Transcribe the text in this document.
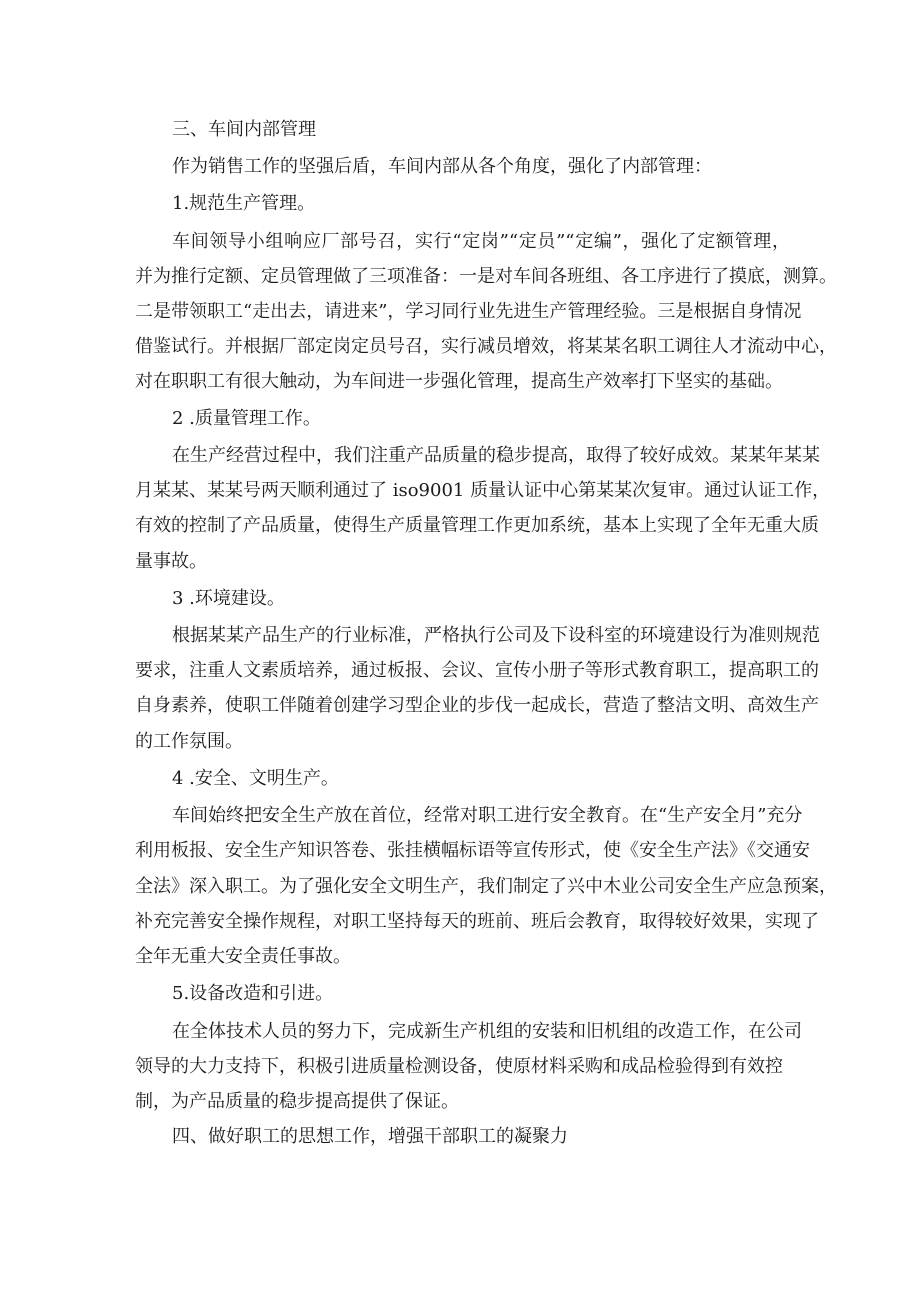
三、车间内部管理

作为销售工作的坚强后盾，车间内部从各个角度，强化了内部管理：

1.规范生产管理。

车间领导小组响应厂部号召，实行“定岗”“定员”“定编”，强化了定额管理，

并为推行定额、定员管理做了三项准备：一是对车间各班组、各工序进行了摸底，测算。

二是带领职工“走出去，请进来”，学习同行业先进生产管理经验。三是根据自身情况

借鉴试行。并根据厂部定岗定员号召，实行减员增效，将某某名职工调往人才流动中心，

对在职职工有很大触动，为车间进一步强化管理，提高生产效率打下坚实的基础。

2 .质量管理工作。

在生产经营过程中，我们注重产品质量的稳步提高，取得了较好成效。某某年某某

月某某、某某号两天顺利通过了 iso9001 质量认证中心第某某次复审。通过认证工作，

有效的控制了产品质量，使得生产质量管理工作更加系统，基本上实现了全年无重大质

量事故。

3 .环境建设。

根据某某产品生产的行业标准，严格执行公司及下设科室的环境建设行为准则规范

要求，注重人文素质培养，通过板报、会议、宣传小册子等形式教育职工，提高职工的

自身素养，使职工伴随着创建学习型企业的步伐一起成长，营造了整洁文明、高效生产

的工作氛围。

4 .安全、文明生产。

车间始终把安全生产放在首位，经常对职工进行安全教育。在“生产安全月”充分

利用板报、安全生产知识答卷、张挂横幅标语等宣传形式，使《安全生产法》《交通安

全法》深入职工。为了强化安全文明生产，我们制定了兴中木业公司安全生产应急预案，

补充完善安全操作规程，对职工坚持每天的班前、班后会教育，取得较好效果，实现了

全年无重大安全责任事故。

5.设备改造和引进。

在全体技术人员的努力下，完成新生产机组的安装和旧机组的改造工作，在公司

领导的大力支持下，积极引进质量检测设备，使原材料采购和成品检验得到有效控

制，为产品质量的稳步提高提供了保证。

四、做好职工的思想工作，增强干部职工的凝聚力
